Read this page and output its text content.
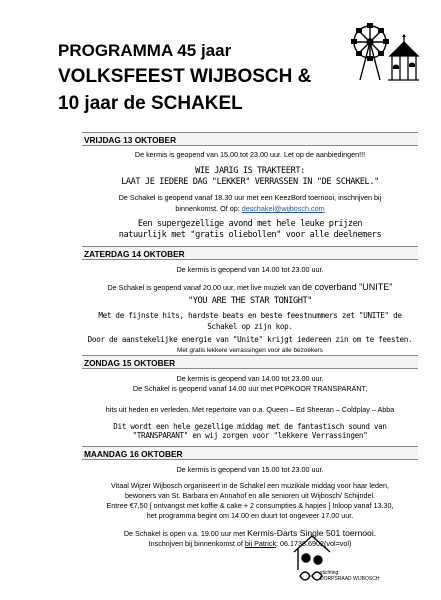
PROGRAMMA 45 jaar

VOLKSFEEST WIJBOSCH &

10 jaar de SCHAKEL

VRIJDAG 13 OKTOBER
De kermis is geopend van 15.00 tot 23.00 uur. Let op de aanbiedingen!!!
WIE JARIG IS TRAKTEERT:
LAAT JE IEDERE DAG "LEKKER" VERRASSEN IN "DE SCHAKEL."
De Schakel is geopend vanaf 18.30 uur met een KeezBord toernooi, inschrijven bij
binnenkomst. Of op: deschakel@wijbosch.com
Een supergezellige avond met hele leuke prijzen
natuurlijk met "gratis oliebollen" voor alle deelnemers
ZATERDAG 14 OKTOBER
De kermis is geopend van 14.00 tot 23.00 uur.
De Schakel is geopend vanaf 20.00 uur, met live muziek van de coverband "UNITE"
"YOU ARE THE STAR TONIGHT"
Met de fijnste hits, hardste beats en beste feestnummers zet "UNITE" de
Schakel op zijn kop.
Door de aanstekelijke energie van "Unite" krijgt iedereen zin om te feesten.
Met gratis lekkere verrassingen voor alle bezoekers
ZONDAG 15 OKTOBER
De kermis is geopend van 14.00 tot 23.00 uur.
De Schakel is geopend vanaf 14.00 uur met POPKOOR TRANSPARANT,
hits uit heden en verleden. Met repertoire van o.a. Queen – Ed Sheeran – Coldplay – Abba
Dit wordt een hele gezellige middag met de fantastisch sound van
"TRANSPARANT" en wij zorgen voor "lekkere Verrassingen"
MAANDAG 16 OKTOBER
De kermis is geopend van 15.00 tot 23.00 uur.
Vitaal Wijzer Wijbosch organiseert in de Schakel een muzikale middag voor haar leden,
bewoners van St. Barbara en Annahof en alle senioren uit Wijbosch/ Schijndel.
Entree €7,50 [ ontvangst met koffie & cake + 2 consumpties & hapjes ] Inloop vanaf 13.30,
het programma begint om 14.00 en duurt tot ongeveer 17.00 uur.
De Schakel is open v.a. 19.00 uur met Kermis-Darts Single 501 toernooi.
Inschrijven bij binnenkomst of bij Patrick: 06.1738.6902(vol=vol)
stichting
DORPSRAAD WIJBOSCH
